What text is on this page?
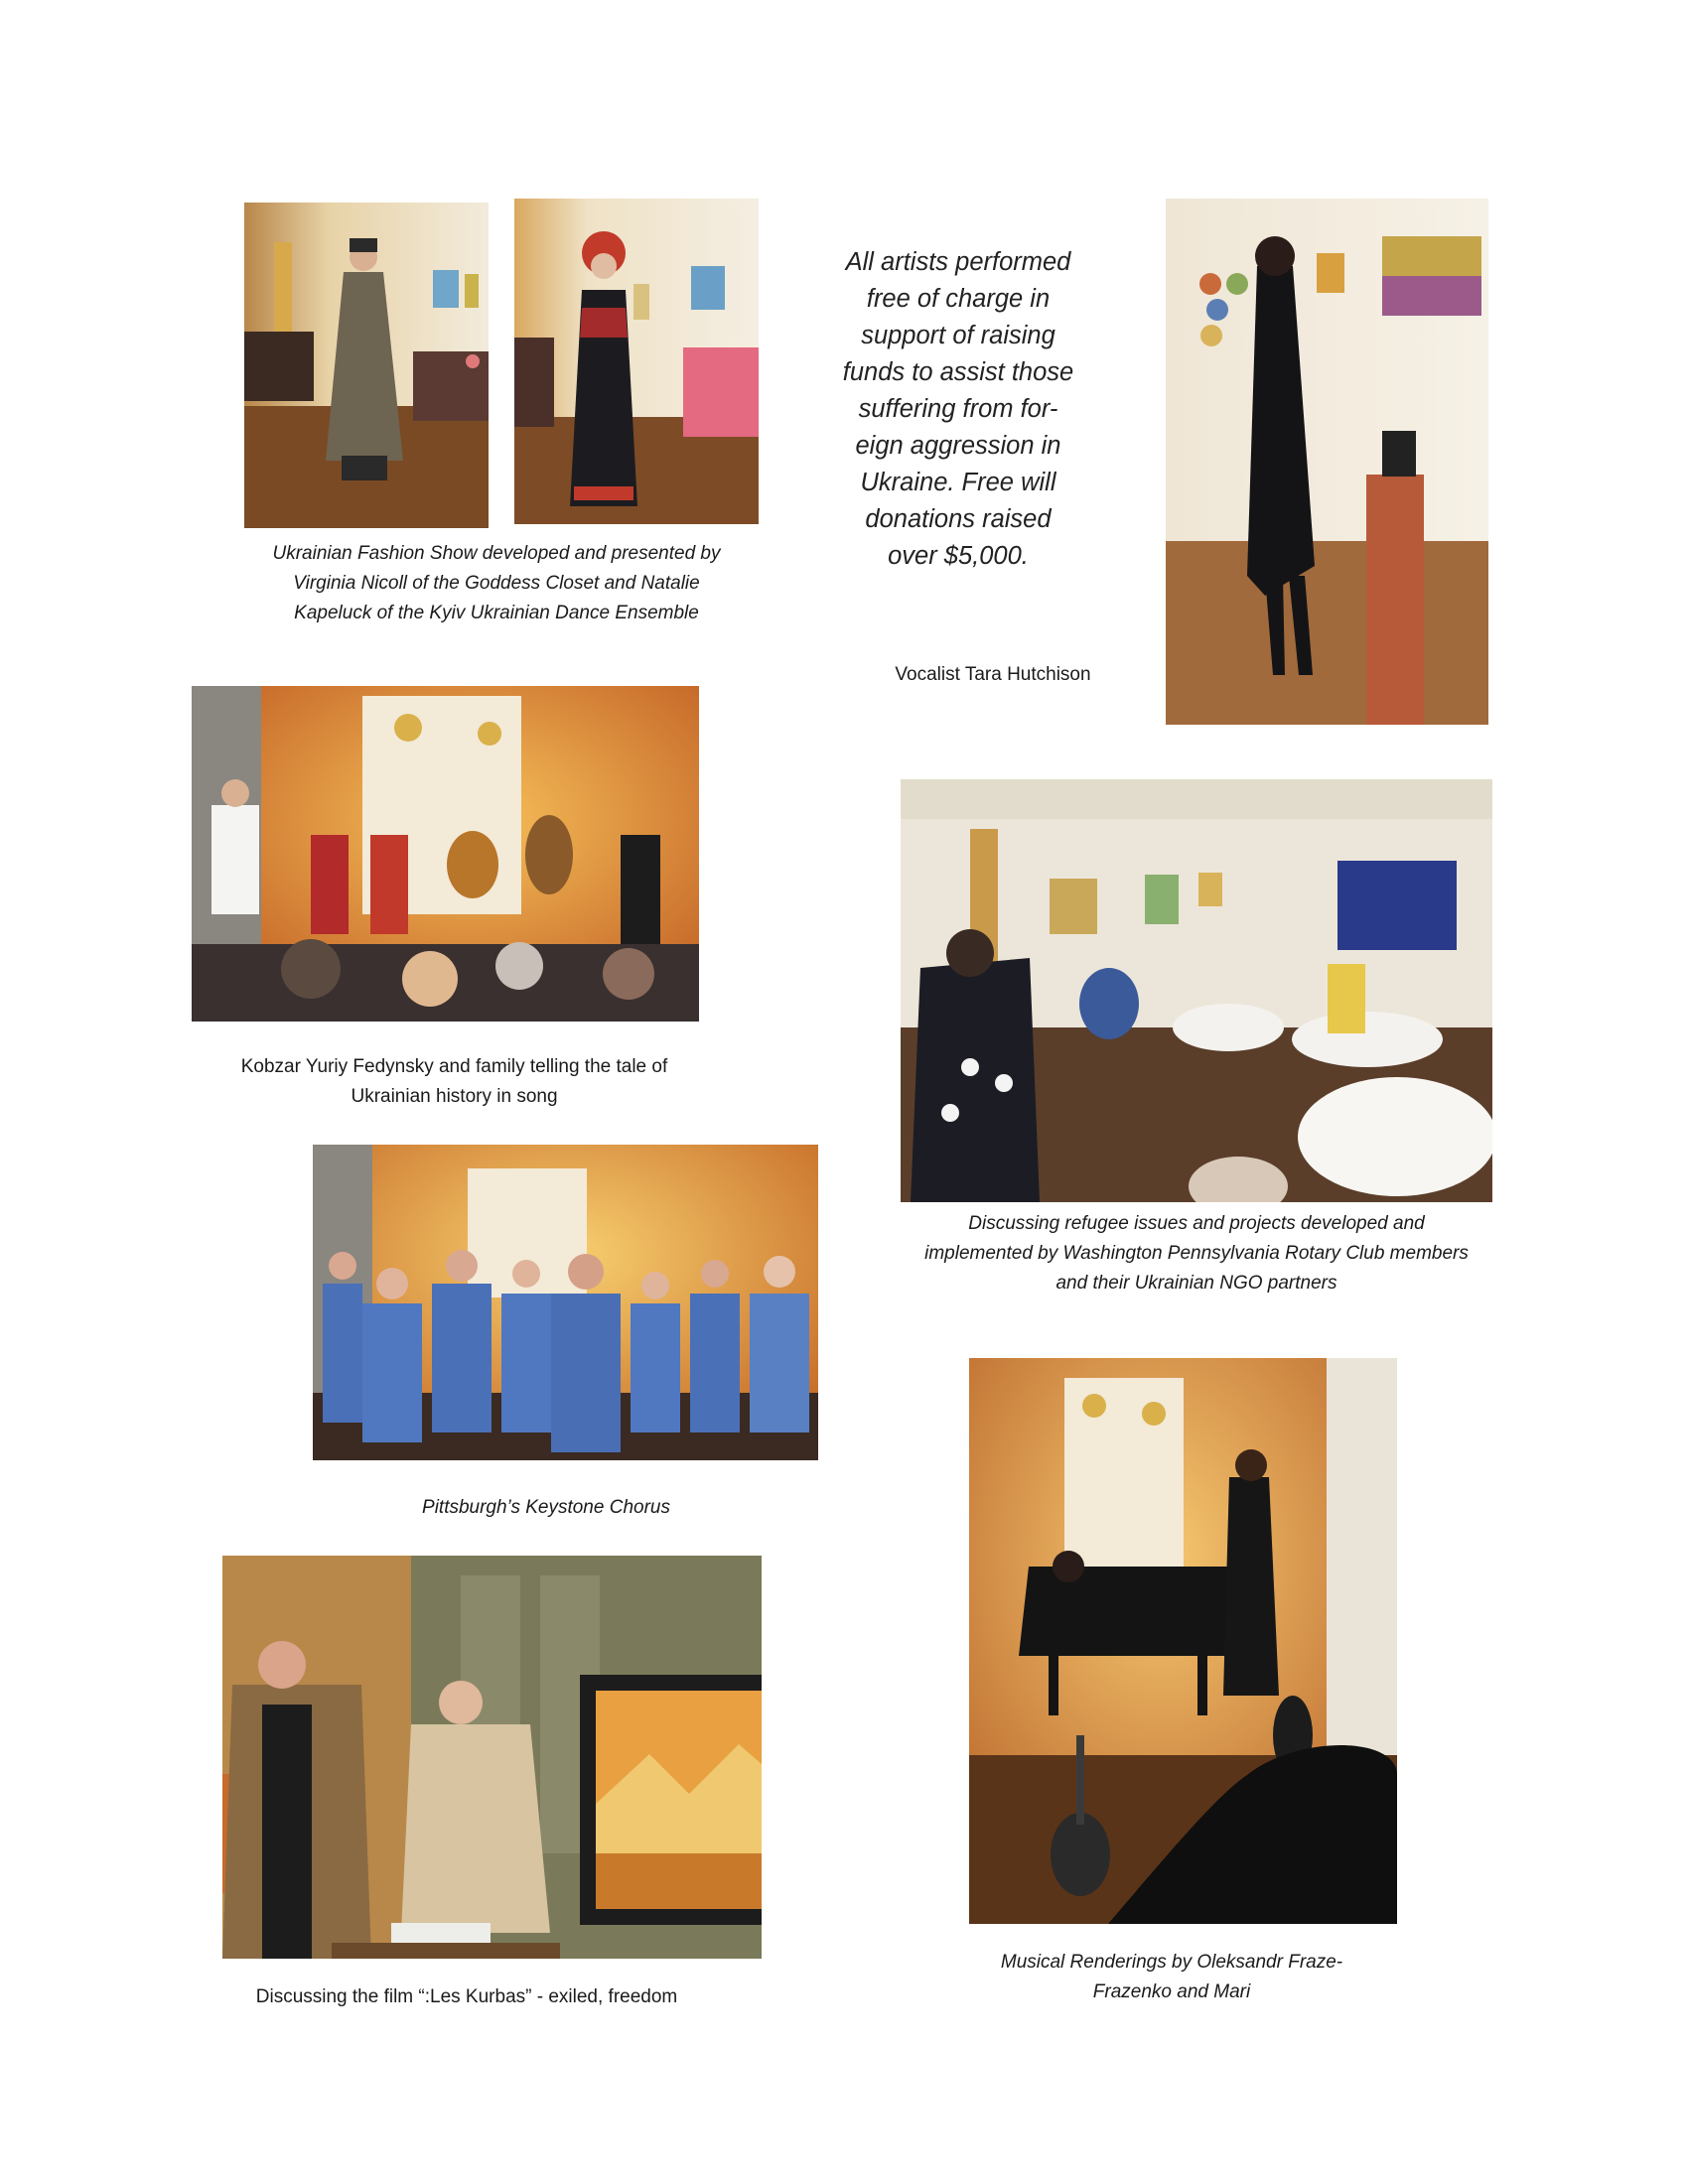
All artists performed
free of charge in
support of raising
funds to assist those
suffering from for-
eign aggression in
Ukraine. Free will
donations raised
over $5,000.

Ukrainian Fashion Show developed and presented by
Virginia Nicoll of the Goddess Closet and Natalie
Kapeluck of the Kyiv Ukrainian Dance Ensemble

Vocalist Tara Hutchison

Kobzar Yuriy Fedynsky and family telling the tale of
Ukrainian history in song

Discussing refugee issues and projects developed and
implemented by Washington Pennsylvania Rotary Club members
and their Ukrainian NGO partners

Pittsburgh’s Keystone Chorus

Discussing the film “:Les Kurbas” - exiled, freedom

Musical Renderings by Oleksandr Fraze-
Frazenko and Mari
